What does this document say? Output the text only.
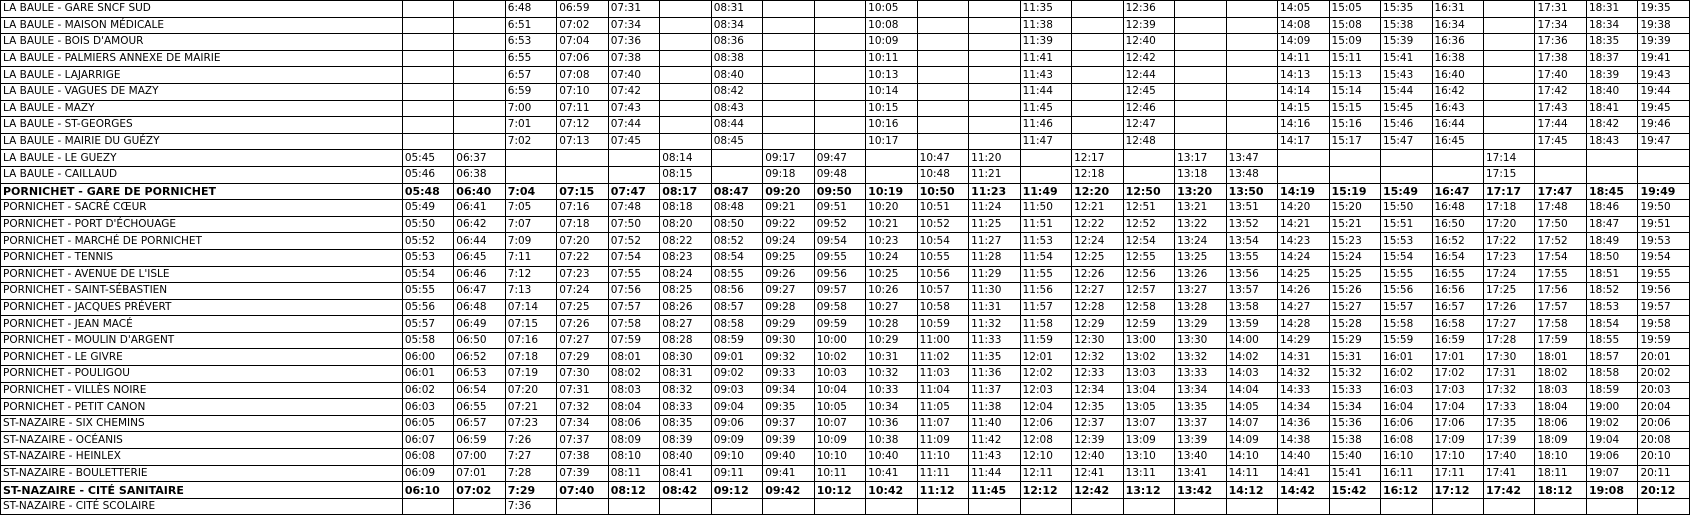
LA BAULE - GARE SNCF SUD			6:48	06:59	07:31		08:31			10:05			11:35		12:36			14:05	15:05	15:35	16:31		17:31	18:31	19:35
LA BAULE - MAISON MÉDICALE			6:51	07:02	07:34		08:34			10:08			11:38		12:39			14:08	15:08	15:38	16:34		17:34	18:34	19:38
LA BAULE - BOIS D'AMOUR			6:53	07:04	07:36		08:36			10:09			11:39		12:40			14:09	15:09	15:39	16:36		17:36	18:35	19:39
LA BAULE - PALMIERS ANNEXE DE MAIRIE			6:55	07:06	07:38		08:38			10:11			11:41		12:42			14:11	15:11	15:41	16:38		17:38	18:37	19:41
LA BAULE - LAJARRIGE			6:57	07:08	07:40		08:40			10:13			11:43		12:44			14:13	15:13	15:43	16:40		17:40	18:39	19:43
LA BAULE - VAGUES DE MAZY			6:59	07:10	07:42		08:42			10:14			11:44		12:45			14:14	15:14	15:44	16:42		17:42	18:40	19:44
LA BAULE - MAZY			7:00	07:11	07:43		08:43			10:15			11:45		12:46			14:15	15:15	15:45	16:43		17:43	18:41	19:45
LA BAULE - ST-GEORGES			7:01	07:12	07:44		08:44			10:16			11:46		12:47			14:16	15:16	15:46	16:44		17:44	18:42	19:46
LA BAULE - MAIRIE DU GUÉZY			7:02	07:13	07:45		08:45			10:17			11:47		12:48			14:17	15:17	15:47	16:45		17:45	18:43	19:47
LA BAULE - LE GUEZY	05:45	06:37				08:14		09:17	09:47		10:47	11:20		12:17		13:17	13:47					17:14			
LA BAULE - CAILLAUD	05:46	06:38				08:15		09:18	09:48		10:48	11:21		12:18		13:18	13:48					17:15			
PORNICHET - GARE DE PORNICHET	05:48	06:40	7:04	07:15	07:47	08:17	08:47	09:20	09:50	10:19	10:50	11:23	11:49	12:20	12:50	13:20	13:50	14:19	15:19	15:49	16:47	17:17	17:47	18:45	19:49
PORNICHET - SACRÉ CŒUR	05:49	06:41	7:05	07:16	07:48	08:18	08:48	09:21	09:51	10:20	10:51	11:24	11:50	12:21	12:51	13:21	13:51	14:20	15:20	15:50	16:48	17:18	17:48	18:46	19:50
PORNICHET - PORT D'ÉCHOUAGE	05:50	06:42	7:07	07:18	07:50	08:20	08:50	09:22	09:52	10:21	10:52	11:25	11:51	12:22	12:52	13:22	13:52	14:21	15:21	15:51	16:50	17:20	17:50	18:47	19:51
PORNICHET - MARCHÉ DE PORNICHET	05:52	06:44	7:09	07:20	07:52	08:22	08:52	09:24	09:54	10:23	10:54	11:27	11:53	12:24	12:54	13:24	13:54	14:23	15:23	15:53	16:52	17:22	17:52	18:49	19:53
PORNICHET - TENNIS	05:53	06:45	7:11	07:22	07:54	08:23	08:54	09:25	09:55	10:24	10:55	11:28	11:54	12:25	12:55	13:25	13:55	14:24	15:24	15:54	16:54	17:23	17:54	18:50	19:54
PORNICHET - AVENUE DE L'ISLE	05:54	06:46	7:12	07:23	07:55	08:24	08:55	09:26	09:56	10:25	10:56	11:29	11:55	12:26	12:56	13:26	13:56	14:25	15:25	15:55	16:55	17:24	17:55	18:51	19:55
PORNICHET - SAINT-SÉBASTIEN	05:55	06:47	7:13	07:24	07:56	08:25	08:56	09:27	09:57	10:26	10:57	11:30	11:56	12:27	12:57	13:27	13:57	14:26	15:26	15:56	16:56	17:25	17:56	18:52	19:56
PORNICHET - JACQUES PRÉVERT	05:56	06:48	07:14	07:25	07:57	08:26	08:57	09:28	09:58	10:27	10:58	11:31	11:57	12:28	12:58	13:28	13:58	14:27	15:27	15:57	16:57	17:26	17:57	18:53	19:57
PORNICHET - JEAN MACÉ	05:57	06:49	07:15	07:26	07:58	08:27	08:58	09:29	09:59	10:28	10:59	11:32	11:58	12:29	12:59	13:29	13:59	14:28	15:28	15:58	16:58	17:27	17:58	18:54	19:58
PORNICHET - MOULIN D'ARGENT	05:58	06:50	07:16	07:27	07:59	08:28	08:59	09:30	10:00	10:29	11:00	11:33	11:59	12:30	13:00	13:30	14:00	14:29	15:29	15:59	16:59	17:28	17:59	18:55	19:59
PORNICHET - LE GIVRE	06:00	06:52	07:18	07:29	08:01	08:30	09:01	09:32	10:02	10:31	11:02	11:35	12:01	12:32	13:02	13:32	14:02	14:31	15:31	16:01	17:01	17:30	18:01	18:57	20:01
PORNICHET - POULIGOU	06:01	06:53	07:19	07:30	08:02	08:31	09:02	09:33	10:03	10:32	11:03	11:36	12:02	12:33	13:03	13:33	14:03	14:32	15:32	16:02	17:02	17:31	18:02	18:58	20:02
PORNICHET - VILLÈS NOIRE	06:02	06:54	07:20	07:31	08:03	08:32	09:03	09:34	10:04	10:33	11:04	11:37	12:03	12:34	13:04	13:34	14:04	14:33	15:33	16:03	17:03	17:32	18:03	18:59	20:03
PORNICHET - PETIT CANON	06:03	06:55	07:21	07:32	08:04	08:33	09:04	09:35	10:05	10:34	11:05	11:38	12:04	12:35	13:05	13:35	14:05	14:34	15:34	16:04	17:04	17:33	18:04	19:00	20:04
ST-NAZAIRE - SIX CHEMINS	06:05	06:57	07:23	07:34	08:06	08:35	09:06	09:37	10:07	10:36	11:07	11:40	12:06	12:37	13:07	13:37	14:07	14:36	15:36	16:06	17:06	17:35	18:06	19:02	20:06
ST-NAZAIRE - OCÉANIS	06:07	06:59	7:26	07:37	08:09	08:39	09:09	09:39	10:09	10:38	11:09	11:42	12:08	12:39	13:09	13:39	14:09	14:38	15:38	16:08	17:09	17:39	18:09	19:04	20:08
ST-NAZAIRE - HEINLEX	06:08	07:00	7:27	07:38	08:10	08:40	09:10	09:40	10:10	10:40	11:10	11:43	12:10	12:40	13:10	13:40	14:10	14:40	15:40	16:10	17:10	17:40	18:10	19:06	20:10
ST-NAZAIRE - BOULETTERIE	06:09	07:01	7:28	07:39	08:11	08:41	09:11	09:41	10:11	10:41	11:11	11:44	12:11	12:41	13:11	13:41	14:11	14:41	15:41	16:11	17:11	17:41	18:11	19:07	20:11
ST-NAZAIRE - CITÉ SANITAIRE	06:10	07:02	7:29	07:40	08:12	08:42	09:12	09:42	10:12	10:42	11:12	11:45	12:12	12:42	13:12	13:42	14:12	14:42	15:42	16:12	17:12	17:42	18:12	19:08	20:12
ST-NAZAIRE - CITÉ SCOLAIRE			7:36																						
